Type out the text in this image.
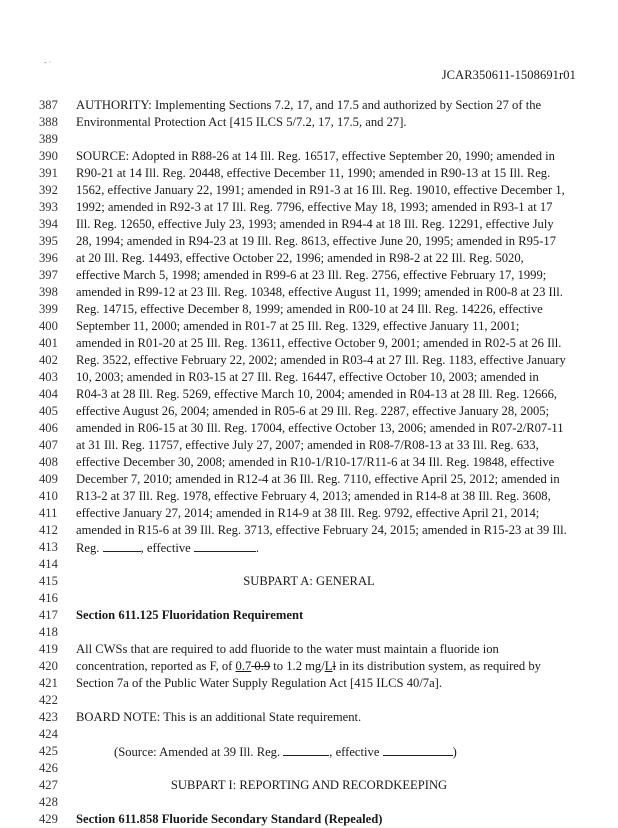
- ·
JCAR350611-1508691r01
387	AUTHORITY: Implementing Sections 7.2, 17, and 17.5 and authorized by Section 27 of the
388	Environmental Protection Act [415 ILCS 5/7.2, 17, 17.5, and 27].
389
390	SOURCE: Adopted in R88-26 at 14 Ill. Reg. 16517, effective September 20, 1990; amended in
391	R90-21 at 14 Ill. Reg. 20448, effective December 11, 1990; amended in R90-13 at 15 Ill. Reg.
392	1562, effective January 22, 1991; amended in R91-3 at 16 Ill. Reg. 19010, effective December 1,
393	1992; amended in R92-3 at 17 Ill. Reg. 7796, effective May 18, 1993; amended in R93-1 at 17
394	Ill. Reg. 12650, effective July 23, 1993; amended in R94-4 at 18 Ill. Reg. 12291, effective July
395	28, 1994; amended in R94-23 at 19 Ill. Reg. 8613, effective June 20, 1995; amended in R95-17
396	at 20 Ill. Reg. 14493, effective October 22, 1996; amended in R98-2 at 22 Ill. Reg. 5020,
397	effective March 5, 1998; amended in R99-6 at 23 Ill. Reg. 2756, effective February 17, 1999;
398	amended in R99-12 at 23 Ill. Reg. 10348, effective August 11, 1999; amended in R00-8 at 23 Ill.
399	Reg. 14715, effective December 8, 1999; amended in R00-10 at 24 Ill. Reg. 14226, effective
400	September 11, 2000; amended in R01-7 at 25 Ill. Reg. 1329, effective January 11, 2001;
401	amended in R01-20 at 25 Ill. Reg. 13611, effective October 9, 2001; amended in R02-5 at 26 Ill.
402	Reg. 3522, effective February 22, 2002; amended in R03-4 at 27 Ill. Reg. 1183, effective January
403	10, 2003; amended in R03-15 at 27 Ill. Reg. 16447, effective October 10, 2003; amended in
404	R04-3 at 28 Ill. Reg. 5269, effective March 10, 2004; amended in R04-13 at 28 Ill. Reg. 12666,
405	effective August 26, 2004; amended in R05-6 at 29 Ill. Reg. 2287, effective January 28, 2005;
406	amended in R06-15 at 30 Ill. Reg. 17004, effective October 13, 2006; amended in R07-2/R07-11
407	at 31 Ill. Reg. 11757, effective July 27, 2007; amended in R08-7/R08-13 at 33 Ill. Reg. 633,
408	effective December 30, 2008; amended in R10-1/R10-17/R11-6 at 34 Ill. Reg. 19848, effective
409	December 7, 2010; amended in R12-4 at 36 Ill. Reg. 7110, effective April 25, 2012; amended in
410	R13-2 at 37 Ill. Reg. 1978, effective February 4, 2013; amended in R14-8 at 38 Ill. Reg. 3608,
411	effective January 27, 2014; amended in R14-9 at 38 Ill. Reg. 9792, effective April 21, 2014;
412	amended in R15-6 at 39 Ill. Reg. 3713, effective February 24, 2015; amended in R15-23 at 39 Ill.
413	Reg.	, effective	.
414
415	SUBPART A: GENERAL
416
417	Section 611.125 Fluoridation Requirement
418
419	All CWSs that are required to add fluoride to the water must maintain a fluoride ion
420	concentration, reported as F, of 0.7 0.9 to 1.2 mg/Ll in its distribution system, as required by
421	Section 7a of the Public Water Supply Regulation Act [415 ILCS 40/7a].
422
423	BOARD NOTE: This is an additional State requirement.
424
425	(Source: Amended at 39 Ill. Reg.	, effective	)
426
427	SUBPART I: REPORTING AND RECORDKEEPING
428
429	Section 611.858 Fluoride Secondary Standard (Repealed)
